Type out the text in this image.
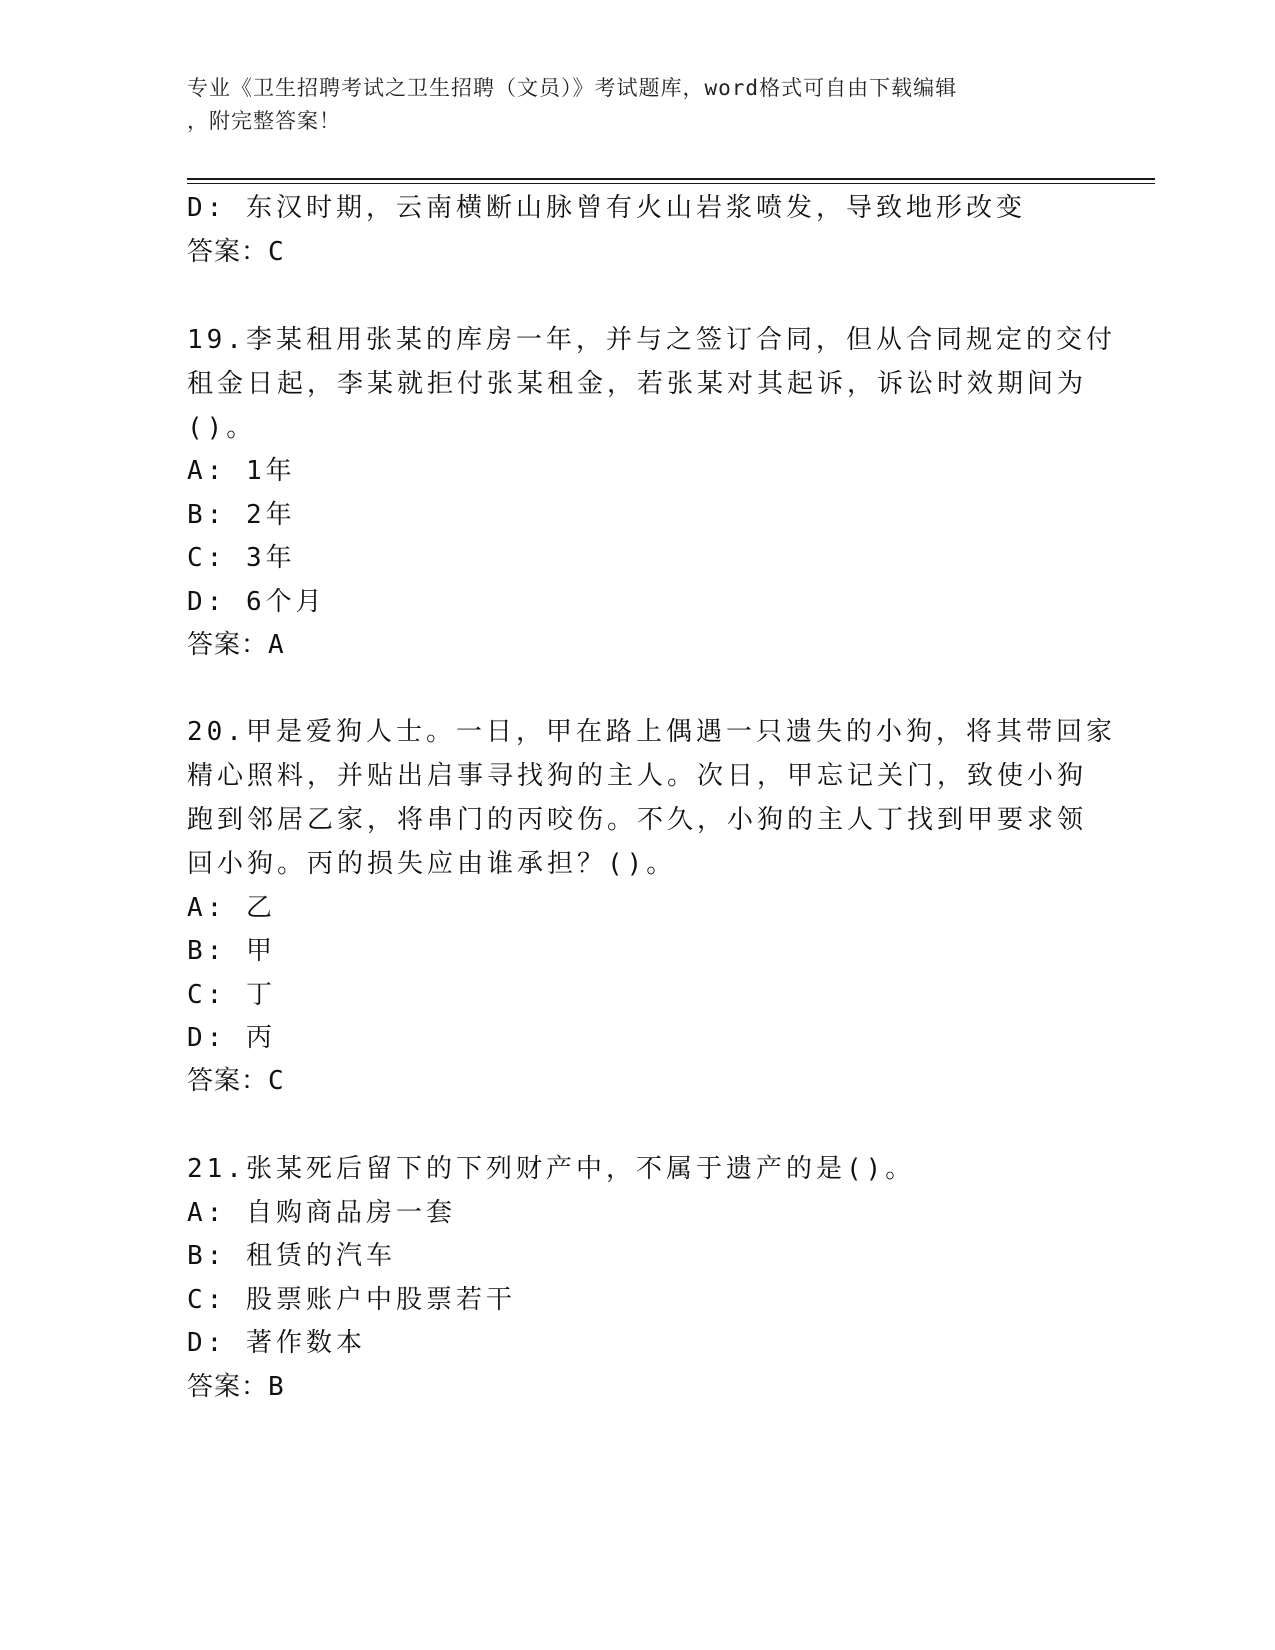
专业《卫生招聘考试之卫生招聘（文员）》考试题库，word格式可自由下载编辑
，附完整答案！
D: 东汉时期，云南横断山脉曾有火山岩浆喷发，导致地形改变
答案：C
19.李某租用张某的库房一年，并与之签订合同，但从合同规定的交付
租金日起，李某就拒付张某租金，若张某对其起诉，诉讼时效期间为
()。
A: 1年
B: 2年
C: 3年
D: 6个月
答案：A
20.甲是爱狗人士。一日，甲在路上偶遇一只遗失的小狗，将其带回家
精心照料，并贴出启事寻找狗的主人。次日，甲忘记关门，致使小狗
跑到邻居乙家，将串门的丙咬伤。不久，小狗的主人丁找到甲要求领
回小狗。丙的损失应由谁承担？()。
A: 乙
B: 甲
C: 丁
D: 丙
答案：C
21.张某死后留下的下列财产中，不属于遗产的是()。
A: 自购商品房一套
B: 租赁的汽车
C: 股票账户中股票若干
D: 著作数本
答案：B
